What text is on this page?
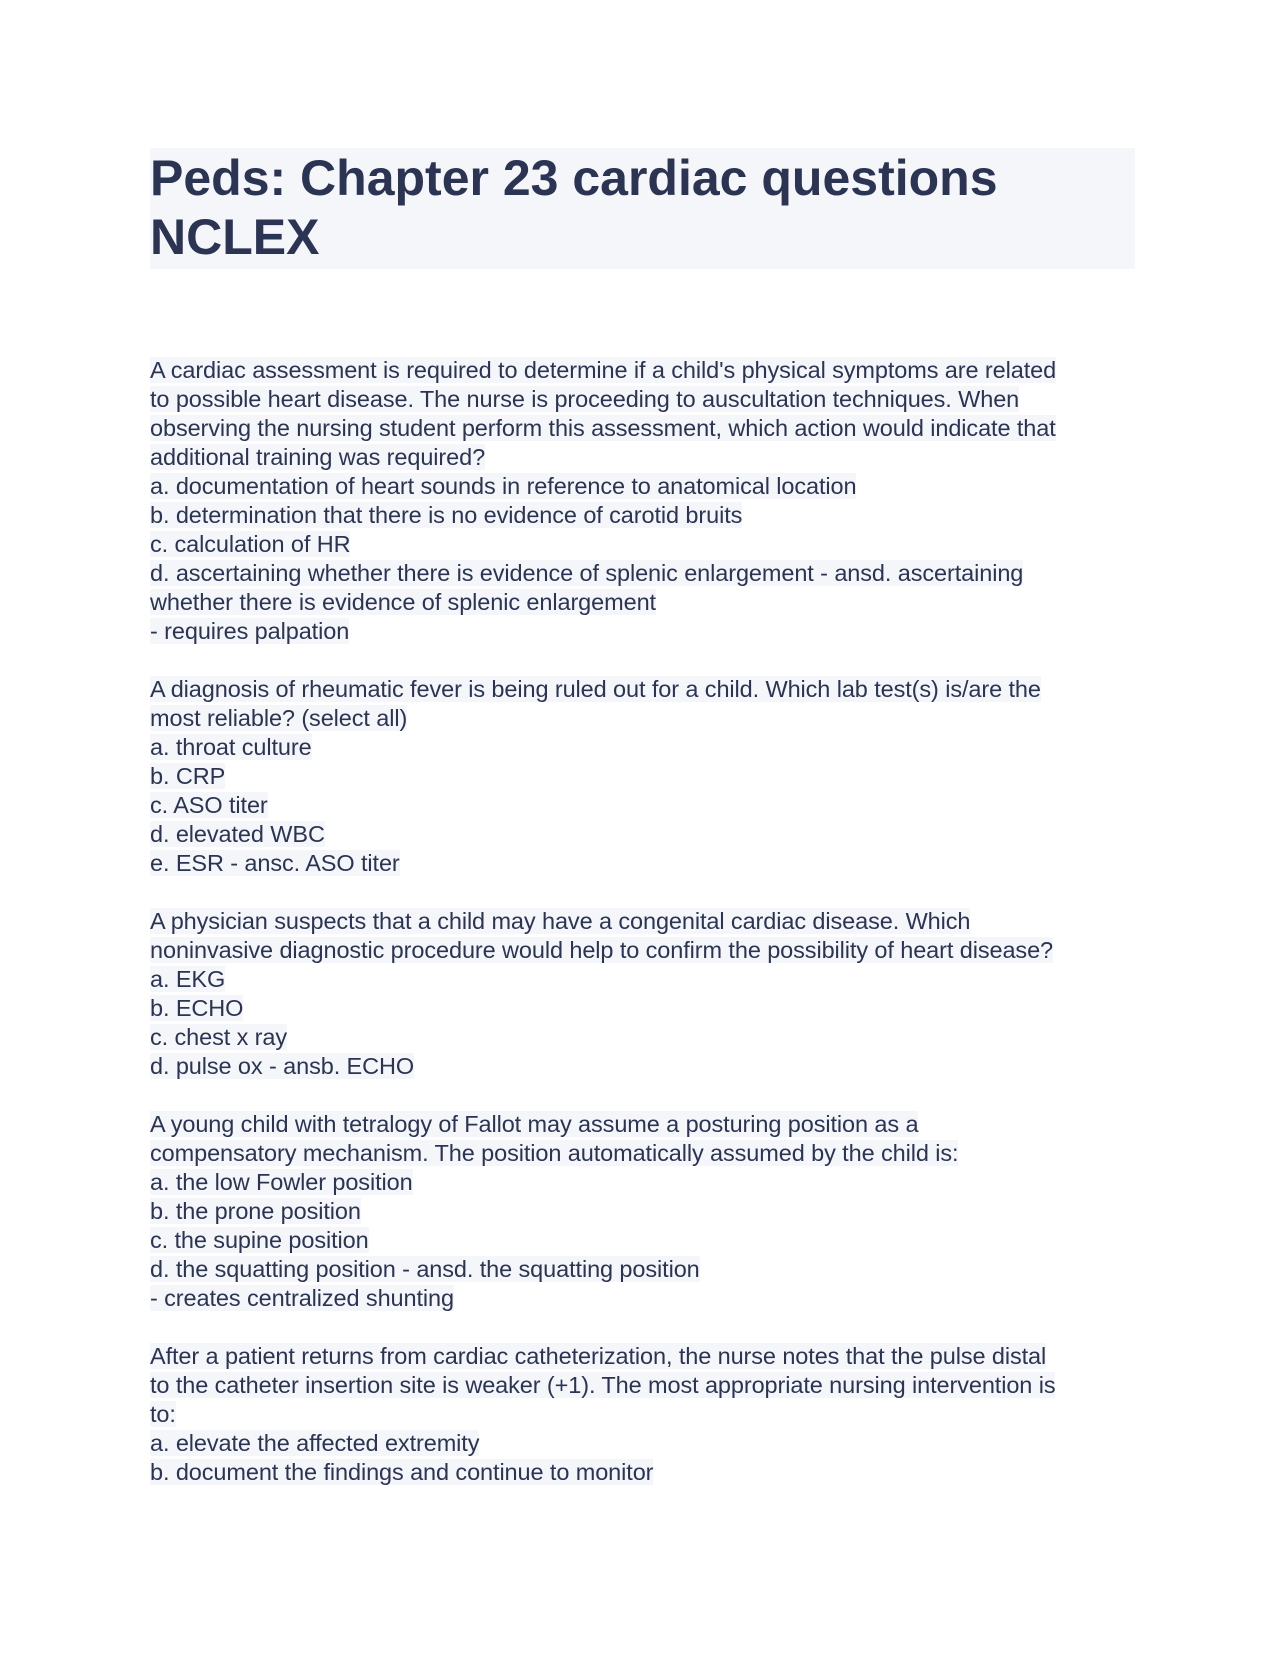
Peds: Chapter 23 cardiac questions
NCLEX
A cardiac assessment is required to determine if a child's physical symptoms are related
to possible heart disease. The nurse is proceeding to auscultation techniques. When
observing the nursing student perform this assessment, which action would indicate that
additional training was required?
a. documentation of heart sounds in reference to anatomical location
b. determination that there is no evidence of carotid bruits
c. calculation of HR
d. ascertaining whether there is evidence of splenic enlargement - ansd. ascertaining
whether there is evidence of splenic enlargement
- requires palpation
A diagnosis of rheumatic fever is being ruled out for a child. Which lab test(s) is/are the
most reliable? (select all)
a. throat culture
b. CRP
c. ASO titer
d. elevated WBC
e. ESR - ansc. ASO titer
A physician suspects that a child may have a congenital cardiac disease. Which
noninvasive diagnostic procedure would help to confirm the possibility of heart disease?
a. EKG
b. ECHO
c. chest x ray
d. pulse ox - ansb. ECHO
A young child with tetralogy of Fallot may assume a posturing position as a
compensatory mechanism. The position automatically assumed by the child is:
a. the low Fowler position
b. the prone position
c. the supine position
d. the squatting position - ansd. the squatting position
- creates centralized shunting
After a patient returns from cardiac catheterization, the nurse notes that the pulse distal
to the catheter insertion site is weaker (+1). The most appropriate nursing intervention is
to:
a. elevate the affected extremity
b. document the findings and continue to monitor
